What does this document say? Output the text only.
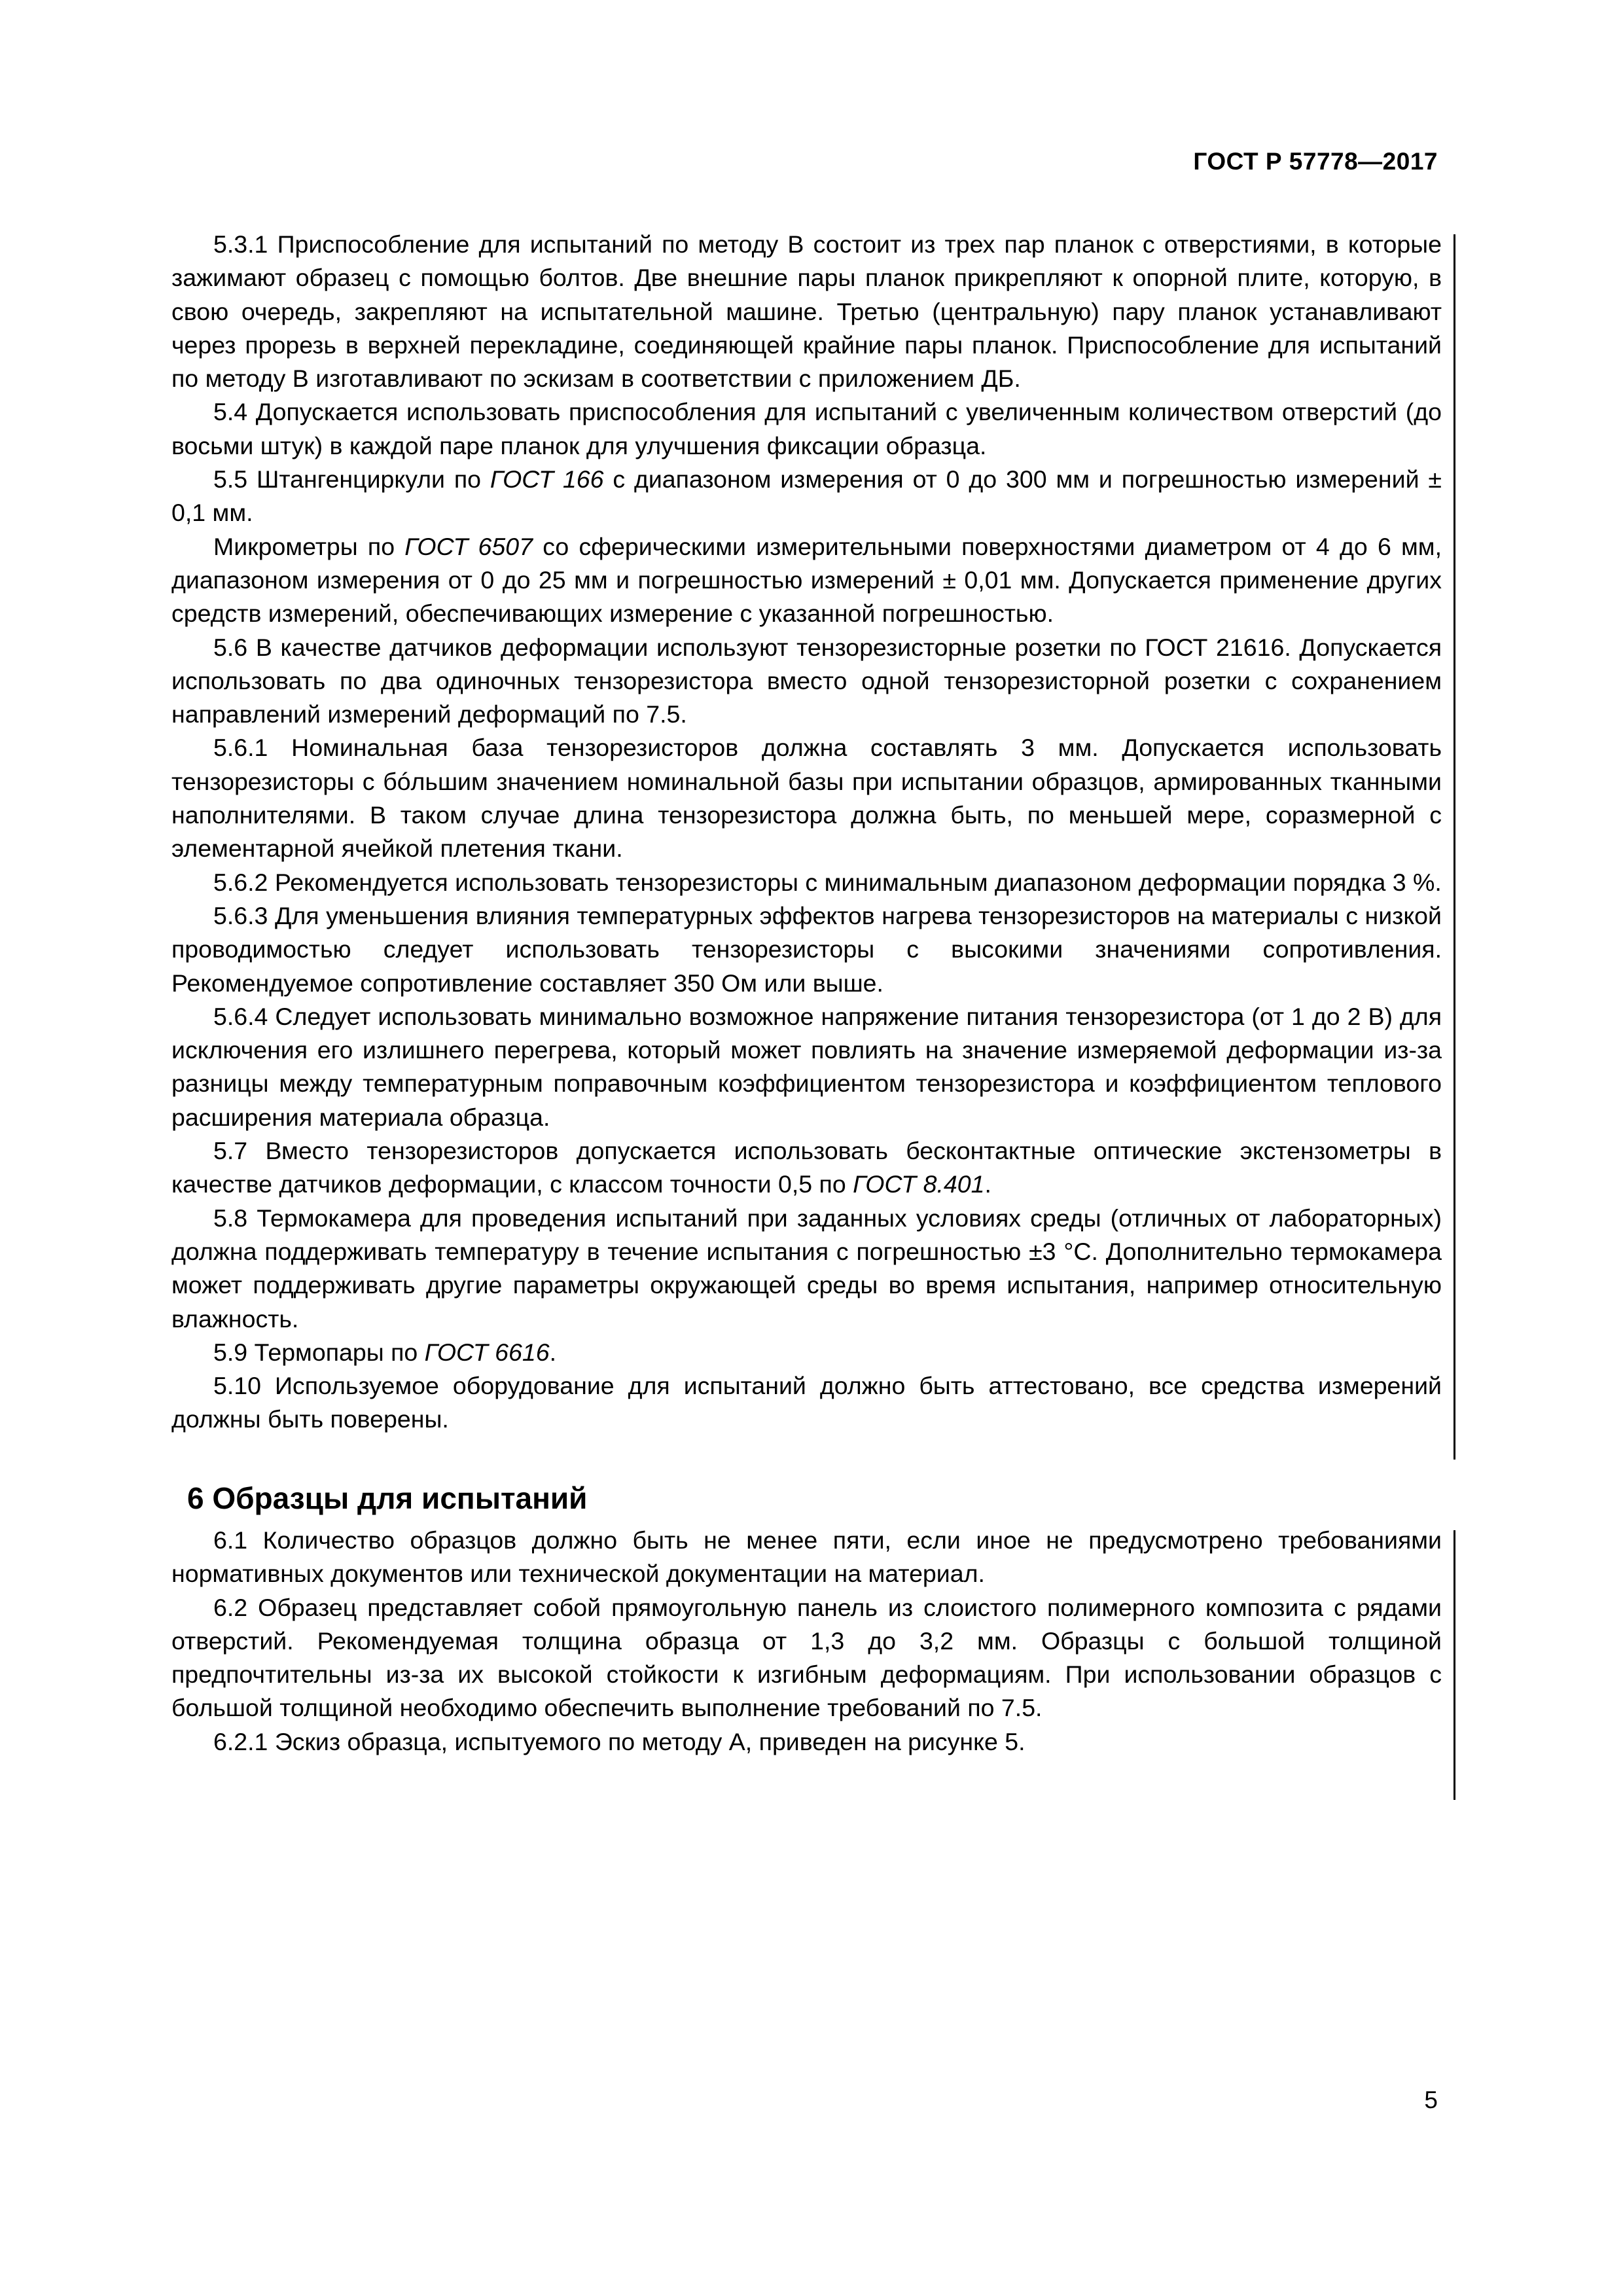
ГОСТ Р 57778—2017

5.3.1 Приспособление для испытаний по методу В состоит из трех пар планок с отверстиями, в которые зажимают образец с помощью болтов. Две внешние пары планок прикрепляют к опорной плите, которую, в свою очередь, закрепляют на испытательной машине. Третью (центральную) пару планок устанавливают через прорезь в верхней перекладине, соединяющей крайние пары планок. Приспособление для испытаний по методу В изготавливают по эскизам в соответствии с приложением ДБ.

5.4 Допускается использовать приспособления для испытаний с увеличенным количеством отверстий (до восьми штук) в каждой паре планок для улучшения фиксации образца.

5.5 Штангенциркули по ГОСТ 166 с диапазоном измерения от 0 до 300 мм и погрешностью измерений ± 0,1 мм.

Микрометры по ГОСТ 6507 со сферическими измерительными поверхностями диаметром от 4 до 6 мм, диапазоном измерения от 0 до 25 мм и погрешностью измерений ± 0,01 мм. Допускается применение других средств измерений, обеспечивающих измерение с указанной погрешностью.

5.6 В качестве датчиков деформации используют тензорезисторные розетки по ГОСТ 21616. Допускается использовать по два одиночных тензорезистора вместо одной тензорезисторной розетки с сохранением направлений измерений деформаций по 7.5.

5.6.1 Номинальная база тензорезисторов должна составлять 3 мм. Допускается использовать тензорезисторы с бóльшим значением номинальной базы при испытании образцов, армированных тканными наполнителями. В таком случае длина тензорезистора должна быть, по меньшей мере, соразмерной с элементарной ячейкой плетения ткани.

5.6.2 Рекомендуется использовать тензорезисторы с минимальным диапазоном деформации порядка 3 %.

5.6.3 Для уменьшения влияния температурных эффектов нагрева тензорезисторов на материалы с низкой проводимостью следует использовать тензорезисторы с высокими значениями сопротивления. Рекомендуемое сопротивление составляет 350 Ом или выше.

5.6.4 Следует использовать минимально возможное напряжение питания тензорезистора (от 1 до 2 В) для исключения его излишнего перегрева, который может повлиять на значение измеряемой деформации из-за разницы между температурным поправочным коэффициентом тензорезистора и коэффициентом теплового расширения материала образца.

5.7 Вместо тензорезисторов допускается использовать бесконтактные оптические экстензометры в качестве датчиков деформации, с классом точности 0,5 по ГОСТ 8.401.

5.8 Термокамера для проведения испытаний при заданных условиях среды (отличных от лабораторных) должна поддерживать температуру в течение испытания с погрешностью ±3 °С. Дополнительно термокамера может поддерживать другие параметры окружающей среды во время испытания, например относительную влажность.

5.9 Термопары по ГОСТ 6616.

5.10 Используемое оборудование для испытаний должно быть аттестовано, все средства измерений должны быть поверены.

6 Образцы для испытаний

6.1 Количество образцов должно быть не менее пяти, если иное не предусмотрено требованиями нормативных документов или технической документации на материал.

6.2 Образец представляет собой прямоугольную панель из слоистого полимерного композита с рядами отверстий. Рекомендуемая толщина образца от 1,3 до 3,2 мм. Образцы с большой толщиной предпочтительны из-за их высокой стойкости к изгибным деформациям. При использовании образцов с большой толщиной необходимо обеспечить выполнение требований по 7.5.

6.2.1 Эскиз образца, испытуемого по методу А, приведен на рисунке 5.

5
